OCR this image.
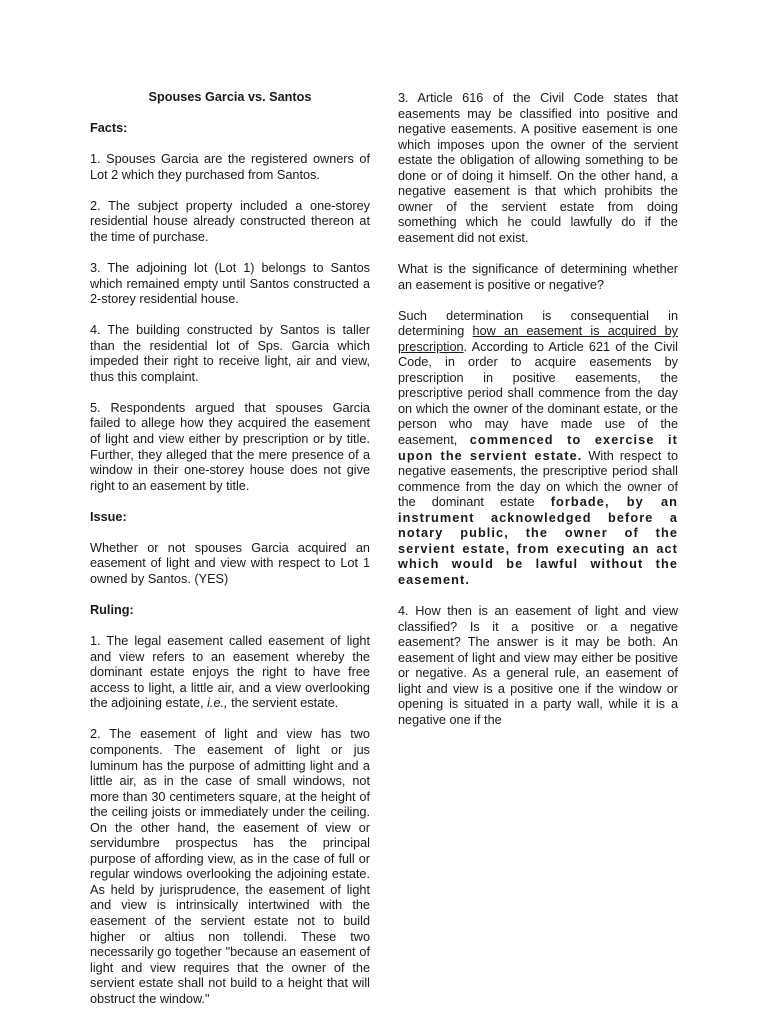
Spouses Garcia vs. Santos

Facts:

1. Spouses Garcia are the registered owners of Lot 2 which they purchased from Santos.

2. The subject property included a one-storey residential house already constructed thereon at the time of purchase.

3. The adjoining lot (Lot 1) belongs to Santos which remained empty until Santos constructed a 2-storey residential house.

4. The building constructed by Santos is taller than the residential lot of Sps. Garcia which impeded their right to receive light, air and view, thus this complaint.

5. Respondents argued that spouses Garcia failed to allege how they acquired the easement of light and view either by prescription or by title. Further, they alleged that the mere presence of a window in their one-storey house does not give right to an easement by title.

Issue:

Whether or not spouses Garcia acquired an easement of light and view with respect to Lot 1 owned by Santos. (YES)

Ruling:

1. The legal easement called easement of light and view refers to an easement whereby the dominant estate enjoys the right to have free access to light, a little air, and a view overlooking the adjoining estate, i.e., the servient estate.

2. The easement of light and view has two components. The easement of light or jus luminum has the purpose of admitting light and a little air, as in the case of small windows, not more than 30 centimeters square, at the height of the ceiling joists or immediately under the ceiling. On the other hand, the easement of view or servidumbre prospectus has the principal purpose of affording view, as in the case of full or regular windows overlooking the adjoining estate. As held by jurisprudence, the easement of light and view is intrinsically intertwined with the easement of the servient estate not to build higher or altius non tollendi. These two necessarily go together "because an easement of light and view requires that the owner of the servient estate shall not build to a height that will obstruct the window."

3. Article 616 of the Civil Code states that easements may be classified into positive and negative easements. A positive easement is one which imposes upon the owner of the servient estate the obligation of allowing something to be done or of doing it himself. On the other hand, a negative easement is that which prohibits the owner of the servient estate from doing something which he could lawfully do if the easement did not exist.

What is the significance of determining whether an easement is positive or negative?

Such determination is consequential in determining how an easement is acquired by prescription. According to Article 621 of the Civil Code, in order to acquire easements by prescription in positive easements, the prescriptive period shall commence from the day on which the owner of the dominant estate, or the person who may have made use of the easement, commenced to exercise it upon the servient estate. With respect to negative easements, the prescriptive period shall commence from the day on which the owner of the dominant estate forbade, by an instrument acknowledged before a notary public, the owner of the servient estate, from executing an act which would be lawful without the easement.

4. How then is an easement of light and view classified? Is it a positive or a negative easement? The answer is it may be both. An easement of light and view may either be positive or negative. As a general rule, an easement of light and view is a positive one if the window or opening is situated in a party wall, while it is a negative one if the
